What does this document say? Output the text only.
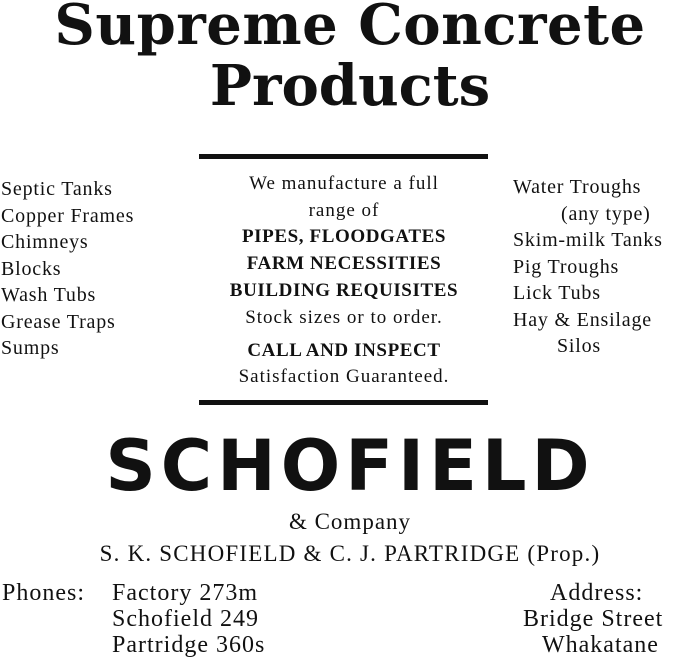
Supreme Concrete
Products
Septic Tanks
Copper Frames
Chimneys
Blocks
Wash Tubs
Grease Traps
Sumps
We manufacture a full
range of
PIPES, FLOODGATES
FARM NECESSITIES
BUILDING REQUISITES
Stock sizes or to order.
CALL AND INSPECT
Satisfaction Guaranteed.
Water Troughs
(any type)
Skim-milk Tanks
Pig Troughs
Lick Tubs
Hay & Ensilage
Silos
SCHOFIELD
& Company
S. K. SCHOFIELD & C. J. PARTRIDGE (Prop.)
Phones: Factory 273m
Schofield 249
Partridge 360s
Address:
Bridge Street
Whakatane
